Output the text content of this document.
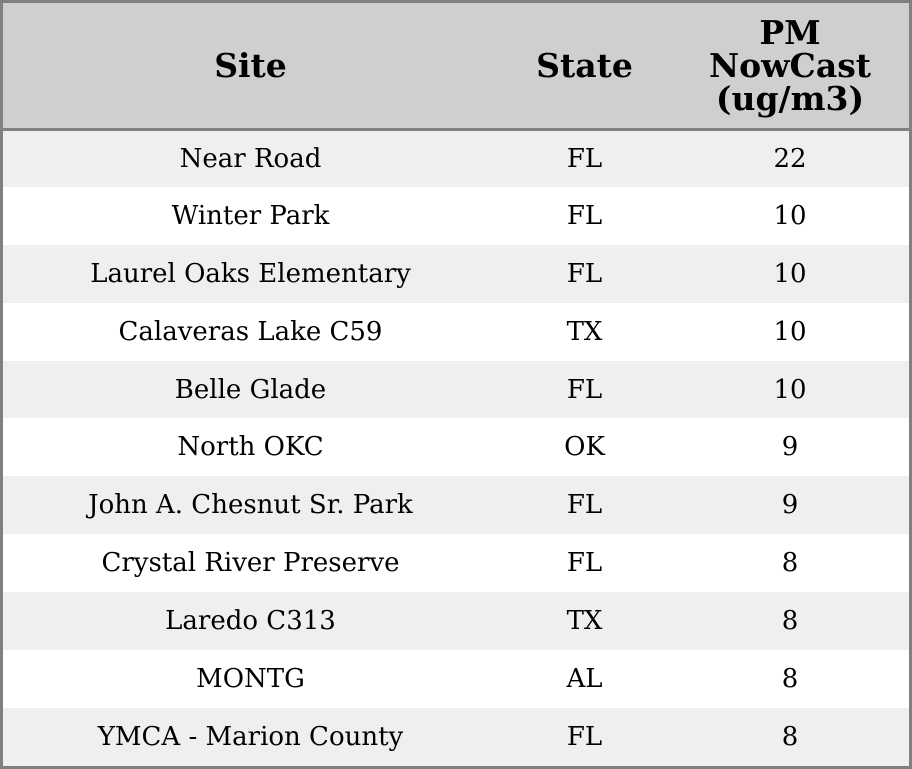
Site	State	PM
NowCast
(ug/m3)

Near Road	FL	22
Winter Park	FL	10
Laurel Oaks Elementary	FL	10
Calaveras Lake C59	TX	10
Belle Glade	FL	10
North OKC	OK	9
John A. Chesnut Sr. Park	FL	9
Crystal River Preserve	FL	8
Laredo C313	TX	8
MONTG	AL	8
YMCA - Marion County	FL	8
